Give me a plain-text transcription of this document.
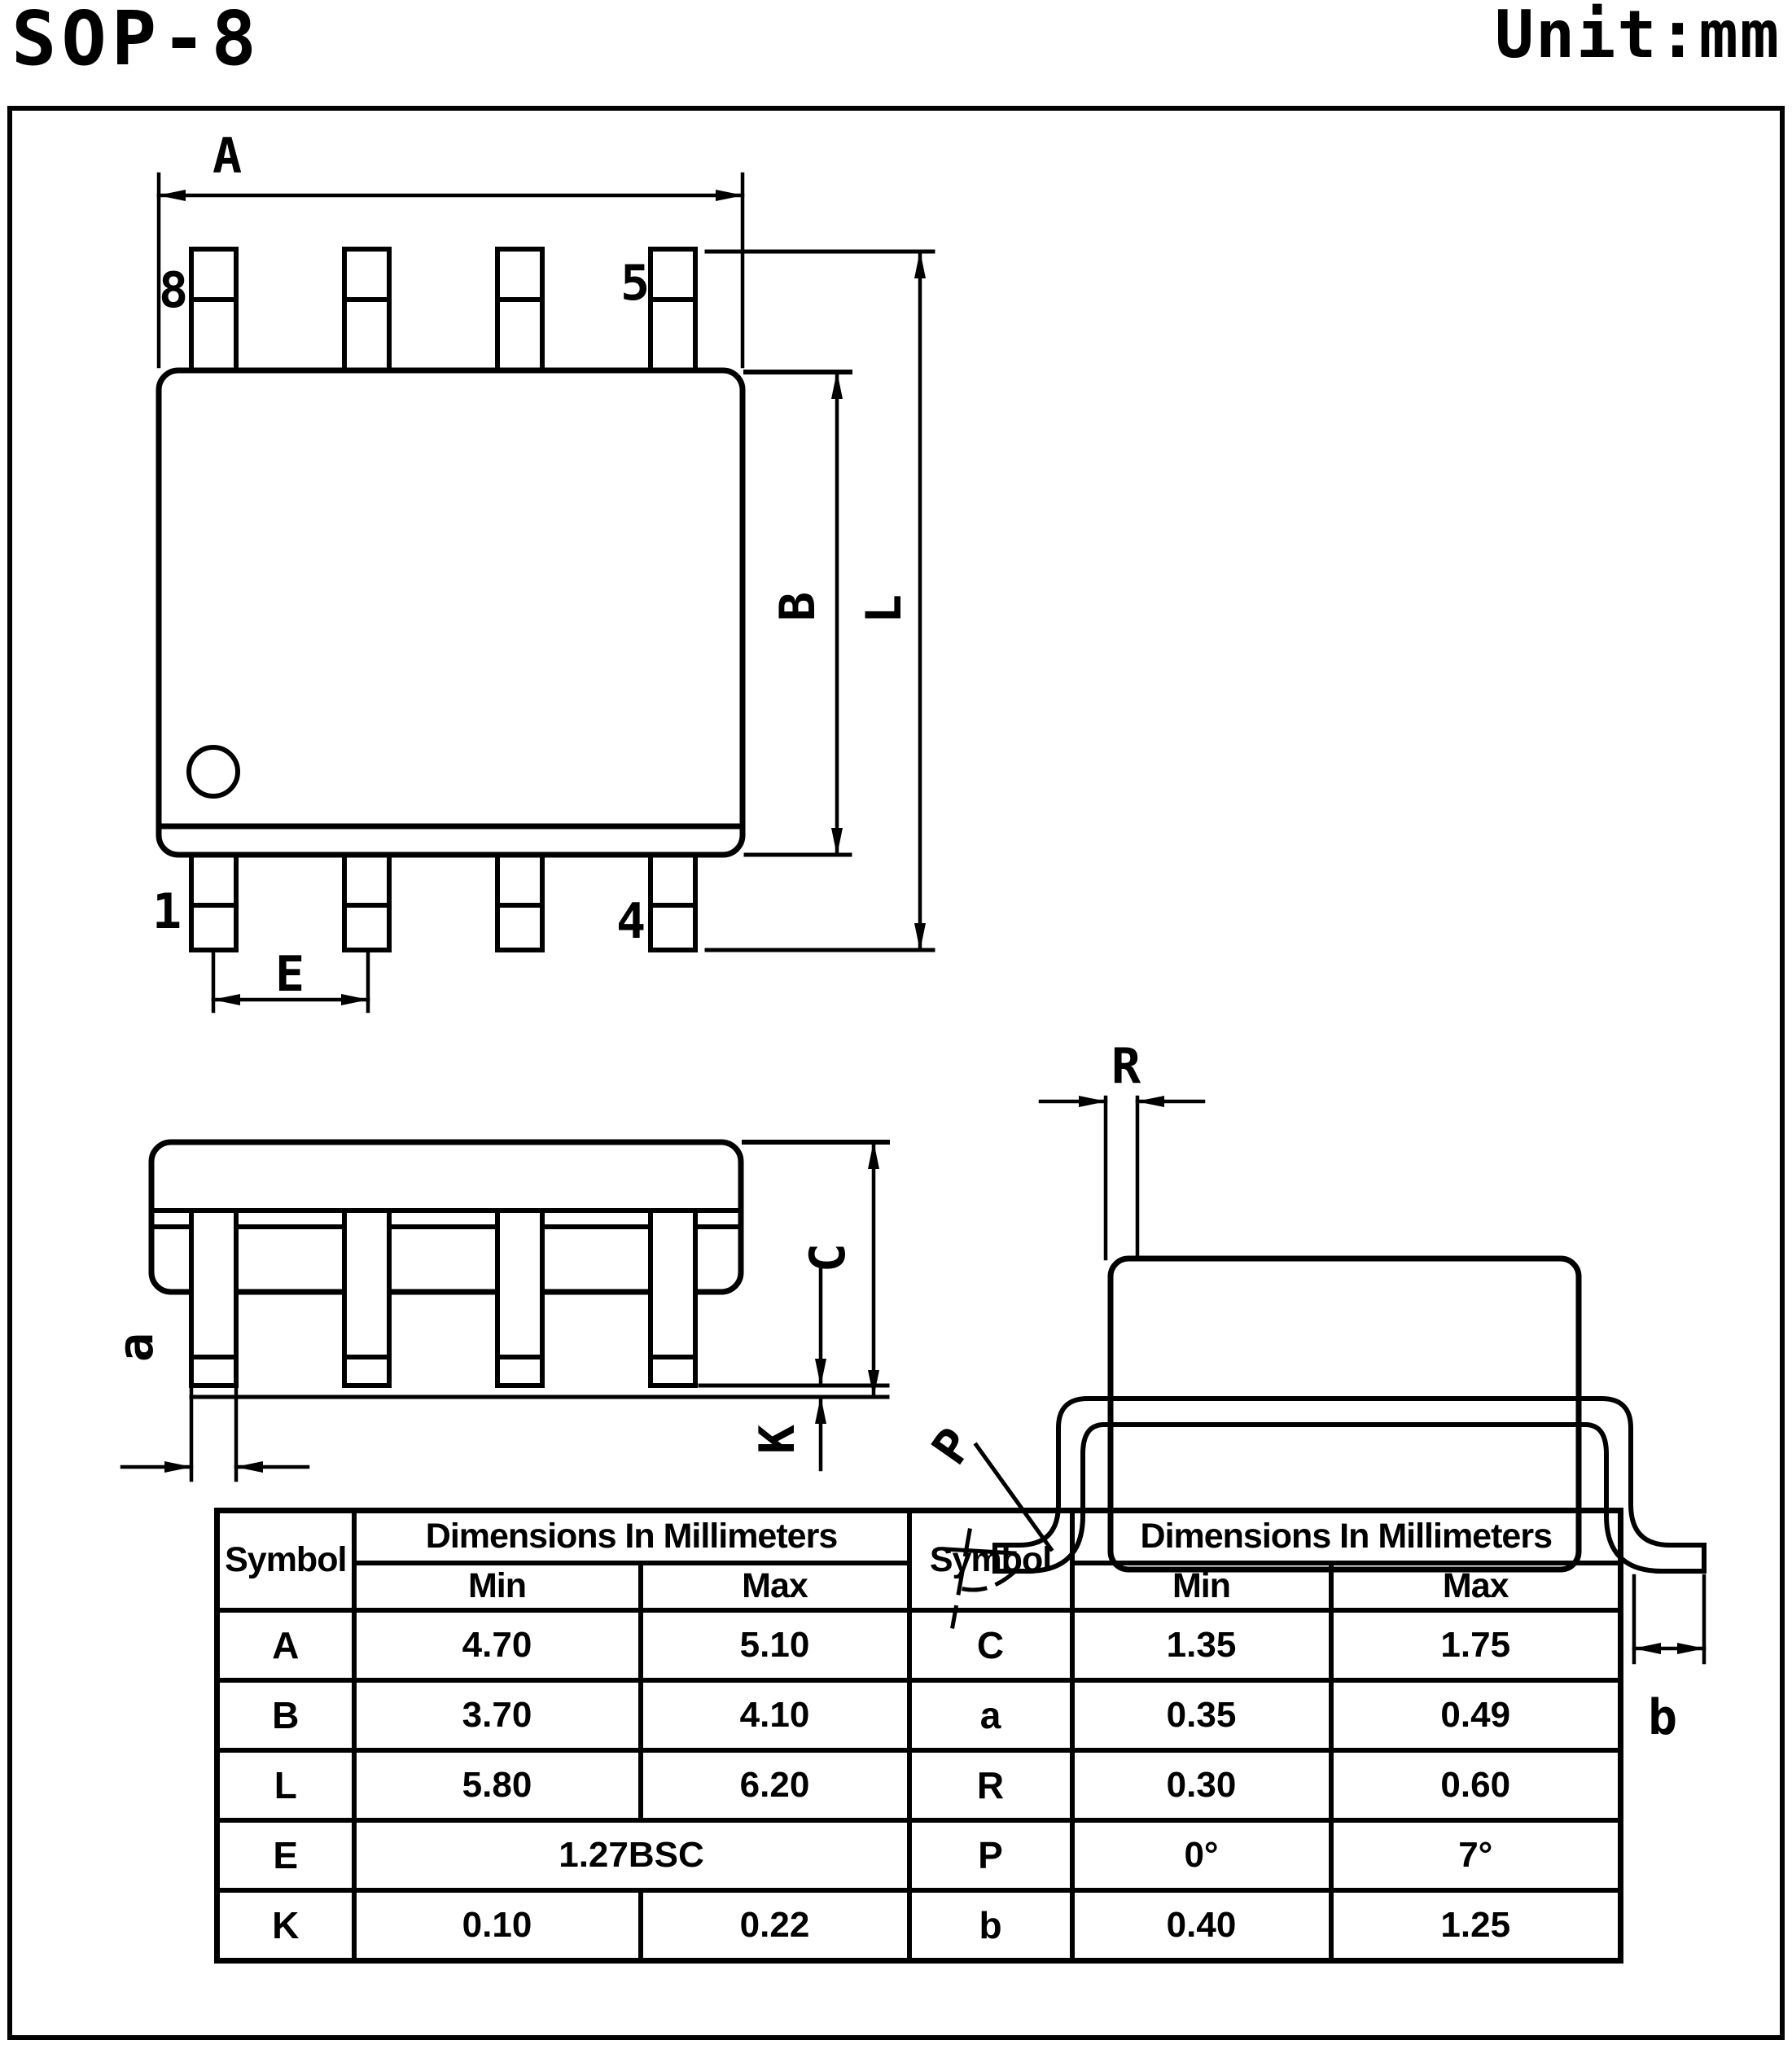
SOP-8	Unit:mm
A
B L
E
8	5
1	4
C
K
a
R
P
b
Symbol	Dimensions In Millimeters		Symbol	Dimensions In Millimeters	
	Min	Max		Min	Max
A	4.70	5.10	C	1.35	1.75
B	3.70	4.10	a	0.35	0.49
L	5.80	6.20	R	0.30	0.60
E	1.27BSC		P	0°	7°
K	0.10	0.22	b	0.40	1.25
